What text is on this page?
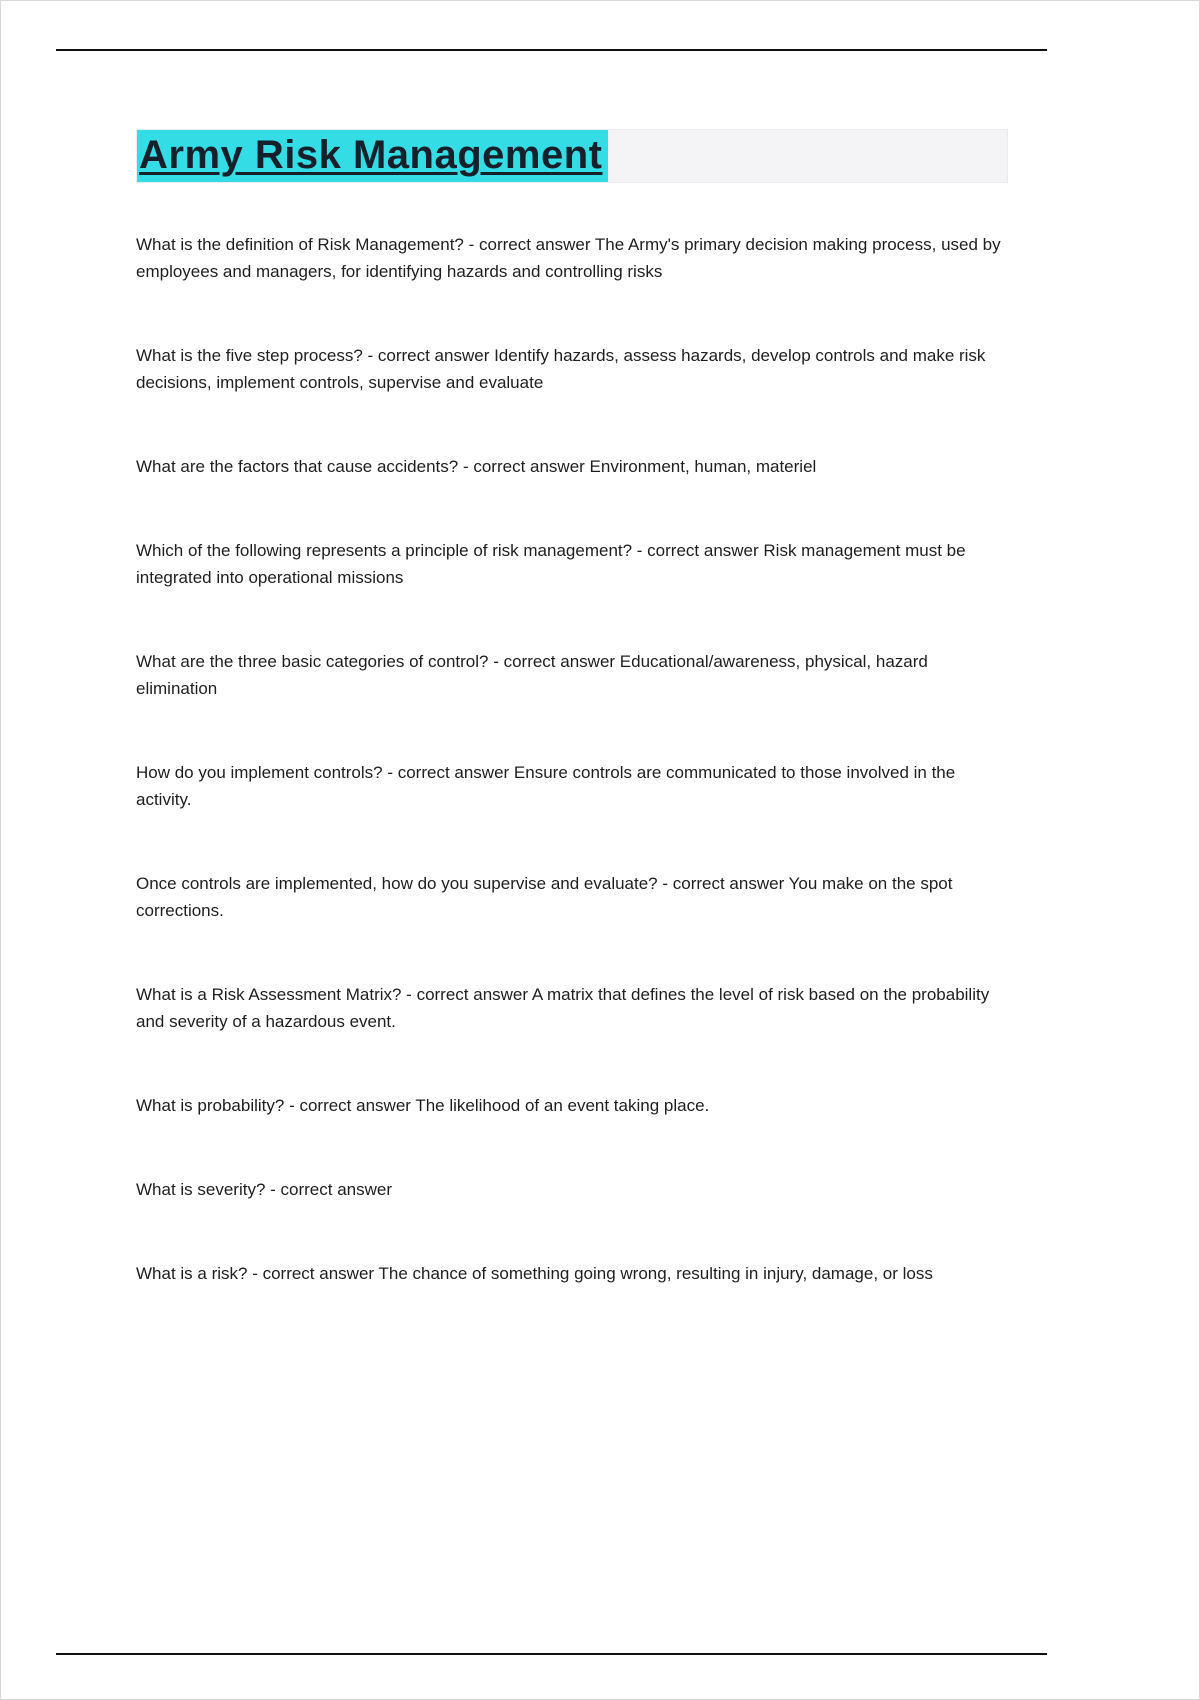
Army Risk Management

What is the definition of Risk Management? - correct answer The Army's primary decision making process, used by employees and managers, for identifying hazards and controlling risks

What is the five step process? - correct answer Identify hazards, assess hazards, develop controls and make risk decisions, implement controls, supervise and evaluate

What are the factors that cause accidents? - correct answer Environment, human, materiel

Which of the following represents a principle of risk management? - correct answer Risk management must be integrated into operational missions

What are the three basic categories of control? - correct answer Educational/awareness, physical, hazard elimination

How do you implement controls? - correct answer Ensure controls are communicated to those involved in the activity.

Once controls are implemented, how do you supervise and evaluate? - correct answer You make on the spot corrections.

What is a Risk Assessment Matrix? - correct answer A matrix that defines the level of risk based on the probability and severity of a hazardous event.

What is probability? - correct answer The likelihood of an event taking place.

What is severity? - correct answer

What is a risk? - correct answer The chance of something going wrong, resulting in injury, damage, or loss
